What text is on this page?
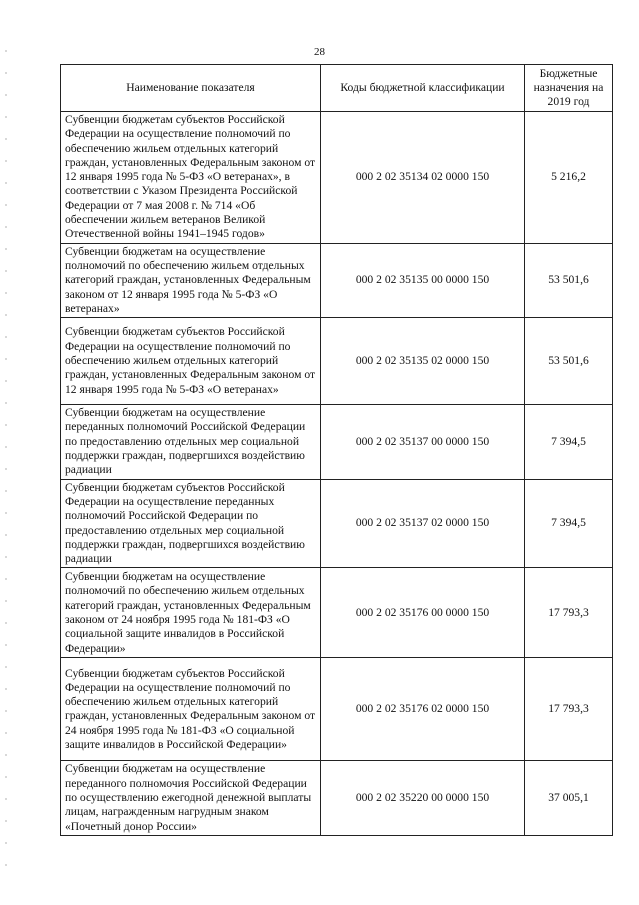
28
Наименование показателя	Коды бюджетной классификации	Бюджетные назначения на 2019 год
Субвенции бюджетам субъектов Российской Федерации на осуществление полномочий по обеспечению жильем отдельных категорий граждан, установленных Федеральным законом от 12 января 1995 года № 5-ФЗ «О ветеранах», в соответствии с Указом Президента Российской Федерации от 7 мая 2008 г. № 714 «Об обеспечении жильем ветеранов Великой Отечественной войны 1941–1945 годов»	000 2 02 35134 02 0000 150	5 216,2
Субвенции бюджетам на осуществление полномочий по обеспечению жильем отдельных категорий граждан, установленных Федеральным законом от 12 января 1995 года № 5-ФЗ «О ветеранах»	000 2 02 35135 00 0000 150	53 501,6
Субвенции бюджетам субъектов Российской Федерации на осуществление полномочий по обеспечению жильем отдельных категорий граждан, установленных Федеральным законом от 12 января 1995 года № 5-ФЗ «О ветеранах»	000 2 02 35135 02 0000 150	53 501,6
Субвенции бюджетам на осуществление переданных полномочий Российской Федерации по предоставлению отдельных мер социальной поддержки граждан, подвергшихся воздействию радиации	000 2 02 35137 00 0000 150	7 394,5
Субвенции бюджетам субъектов Российской Федерации на осуществление переданных полномочий Российской Федерации по предоставлению отдельных мер социальной поддержки граждан, подвергшихся воздействию радиации	000 2 02 35137 02 0000 150	7 394,5
Субвенции бюджетам на осуществление полномочий по обеспечению жильем отдельных категорий граждан, установленных Федеральным законом от 24 ноября 1995 года № 181-ФЗ «О социальной защите инвалидов в Российской Федерации»	000 2 02 35176 00 0000 150	17 793,3
Субвенции бюджетам субъектов Российской Федерации на осуществление полномочий по обеспечению жильем отдельных категорий граждан, установленных Федеральным законом от 24 ноября 1995 года № 181-ФЗ «О социальной защите инвалидов в Российской Федерации»	000 2 02 35176 02 0000 150	17 793,3
Субвенции бюджетам на осуществление переданного полномочия Российской Федерации по осуществлению ежегодной денежной выплаты лицам, награжденным нагрудным знаком «Почетный донор России»	000 2 02 35220 00 0000 150	37 005,1
